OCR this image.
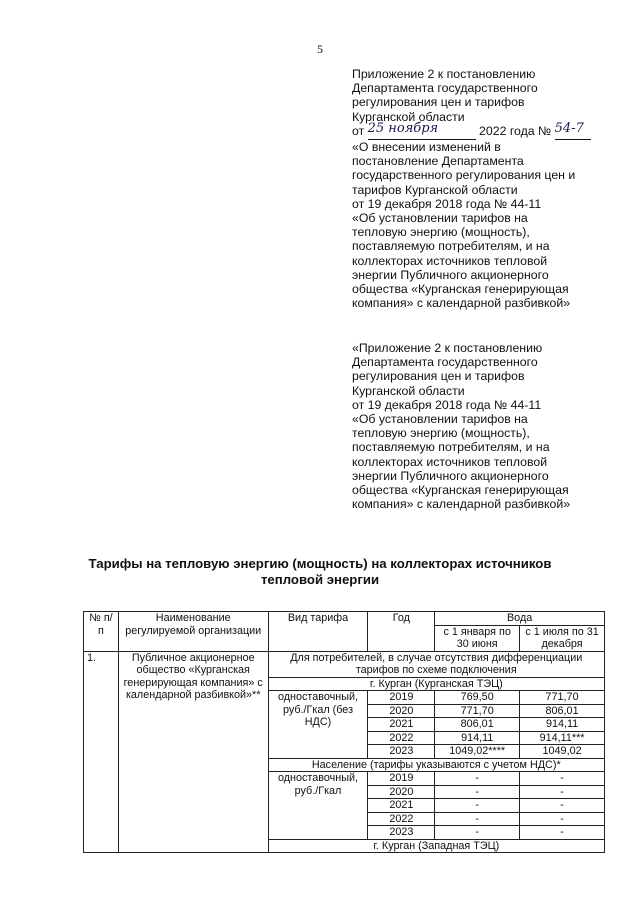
5
Приложение 2 к постановлению
Департамента государственного
регулирования цен и тарифов
Курганской области
от 25 ноября	2022 года № 54-7
«О внесении изменений в
постановление Департамента
государственного регулирования цен и
тарифов Курганской области
от 19 декабря 2018 года № 44-11
«Об установлении тарифов на
тепловую энергию (мощность),
поставляемую потребителям, и на
коллекторах источников тепловой
энергии Публичного акционерного
общества «Курганская генерирующая
компания» с календарной разбивкой»
«Приложение 2 к постановлению
Департамента государственного
регулирования цен и тарифов
Курганской области
от 19 декабря 2018 года № 44-11
«Об установлении тарифов на
тепловую энергию (мощность),
поставляемую потребителям, и на
коллекторах источников тепловой
энергии Публичного акционерного
общества «Курганская генерирующая
компания» с календарной разбивкой»
Тарифы на тепловую энергию (мощность) на коллекторах источников
тепловой энергии
№ п/п	Наименование регулируемой организации	Вид тарифа	Год	Вода	
				с 1 января по 30 июня	с 1 июля по 31 декабря
1.	Публичное акционерное общество «Курганская генерирующая компания» с календарной разбивкой»**	Для потребителей, в случае отсутствия дифференциации тарифов по схеме подключения			
		г. Курган (Курганская ТЭЦ)			
		одноставочный, руб./Гкал (без НДС)	2019	769,50	771,70
			2020	771,70	806,01
			2021	806,01	914,11
			2022	914,11	914,11***
			2023	1049,02****	1049,02
		Население (тарифы указываются с учетом НДС)*			
		одноставочный, руб./Гкал	2019	-	-
			2020	-	-
			2021	-	-
			2022	-	-
			2023	-	-
		г. Курган (Западная ТЭЦ)			
